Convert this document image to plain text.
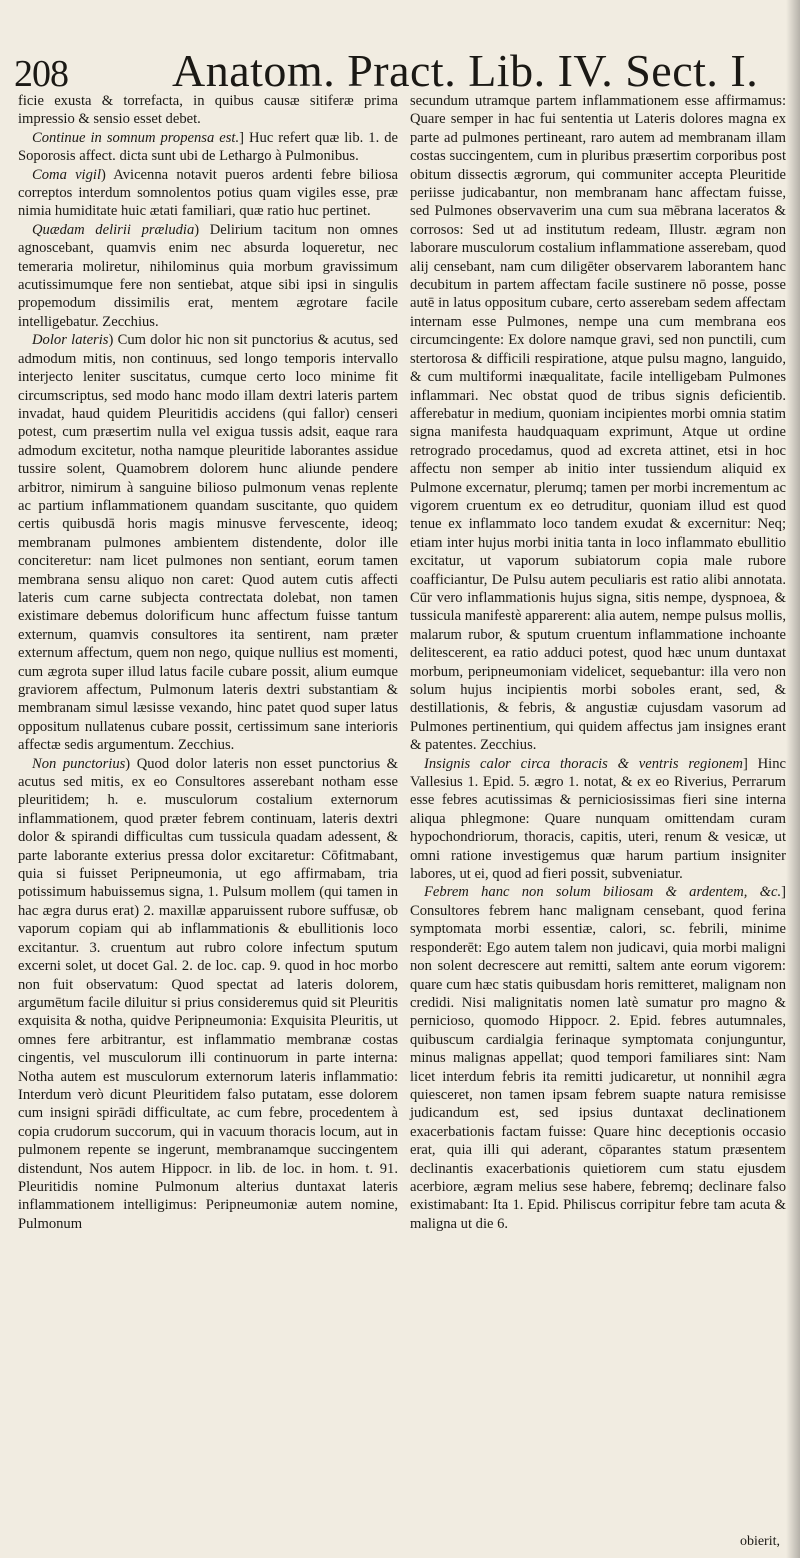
208 Anatom. Pract. Lib. IV. Sect. I.

ficie exusta & torrefacta, in quibus causæ sitiferæ prima impressio & sensio esset debet.

Continue in somnum propensa est.] Huc refert quæ lib. 1. de Soporosis affect. dicta sunt ubi de Lethargo à Pulmonibus.

Coma vigil) Avicenna notavit pueros ardenti febre biliosa correptos interdum somnolentos potius quam vigiles esse, præ nimia humiditate huic ætati familiari, quæ ratio huc pertinet.

Quædam delirii præludia) Delirium tacitum non omnes agnoscebant, quamvis enim nec absurda loqueretur, nec temeraria moliretur, nihilominus quia morbum gravissimum acutissimumque fere non sentiebat, atque sibi ipsi in singulis propemodum dissimilis erat, mentem ægrotare facile intelligebatur. Zecchius.

Dolor lateris) Cum dolor hic non sit punctorius & acutus, sed admodum mitis, non continuus, sed longo temporis intervallo interjecto leniter suscitatus, cumque certo loco minime fit circumscriptus, sed modo hanc modo illam dextri lateris partem invadat, haud quidem Pleuritidis accidens (qui fallor) censeri potest, cum præsertim nulla vel exigua tussis adsit, eaque rara admodum excitetur, notha namque pleuritide laborantes assidue tussire solent, Quamobrem dolorem hunc aliunde pendere arbitror, nimirum à sanguine bilioso pulmonum venas replente ac partium inflammationem quandam suscitante, quo quidem certis quibusdā horis magis minusve fervescente, ideoq; membranam pulmones ambientem distendente, dolor ille conciteretur: nam licet pulmones non sentiant, eorum tamen membrana sensu aliquo non caret: Quod autem cutis affecti lateris cum carne subjecta contrectata dolebat, non tamen existimare debemus dolorificum hunc affectum fuisse tantum externum, quamvis consultores ita sentirent, nam præter externum affectum, quem non nego, quique nullius est momenti, cum ægrota super illud latus facile cubare possit, alium eumque graviorem affectum, Pulmonum lateris dextri substantiam & membranam simul læsisse vexando, hinc patet quod super latus oppositum nullatenus cubare possit, certissimum sane interioris affectæ sedis argumentum. Zecchius.

Non punctorius) Quod dolor lateris non esset punctorius & acutus sed mitis, ex eo Consultores asserebant notham esse pleuritidem; h. e. musculorum costalium externorum inflammationem, quod præter febrem continuam, lateris dextri dolor & spirandi difficultas cum tussicula quadam adessent, & parte laborante exterius pressa dolor excitaretur: Cōfitmabant, quia si fuisset Peripneumonia, ut ego affirmabam, tria potissimum habuissemus signa, 1. Pulsum mollem (qui tamen in hac ægra durus erat) 2. maxillæ apparuissent rubore suffusæ, ob vaporum copiam qui ab inflammationis & ebullitionis loco excitantur. 3. cruentum aut rubro colore infectum sputum excerni solet, ut docet Gal. 2. de loc. cap. 9. quod in hoc morbo non fuit observatum: Quod spectat ad lateris dolorem, argumētum facile diluitur si prius consideremus quid sit Pleuritis exquisita & notha, quidve Peripneumonia: Exquisita Pleuritis, ut omnes fere arbitrantur, est inflammatio membranæ costas cingentis, vel musculorum illi continuorum in parte interna: Notha autem est musculorum externorum lateris inflammatio: Interdum verò dicunt Pleuritidem falso putatam, esse dolorem cum insigni spirādi difficultate, ac cum febre, procedentem à copia crudorum succorum, qui in vacuum thoracis locum, aut in pulmonem repente se ingerunt, membranamque succingentem distendunt, Nos autem Hippocr. in lib. de loc. in hom. t. 91. Pleuritidis nomine Pulmonum alterius duntaxat lateris inflammationem intelligimus: Peripneumoniæ autem nomine, Pulmonum

secundum utramque partem inflammationem esse affirmamus: Quare semper in hac fui sententia ut Lateris dolores magna ex parte ad pulmones pertineant, raro autem ad membranam illam costas succingentem, cum in pluribus præsertim corporibus post obitum dissectis ægrorum, qui communiter accepta Pleuritide periisse judicabantur, non membranam hanc affectam fuisse, sed Pulmones observaverim una cum sua mēbrana laceratos & corrosos: Sed ut ad institutum redeam, Illustr. ægram non laborare musculorum costalium inflammatione asserebam, quod alij censebant, nam cum diligēter observarem laborantem hanc decubitum in partem affectam facile sustinere nō posse, posse autē in latus oppositum cubare, certo asserebam sedem affectam internam esse Pulmones, nempe una cum membrana eos circumcingente: Ex dolore namque gravi, sed non punctili, cum stertorosa & difficili respiratione, atque pulsu magno, languido, & cum multiformi inæqualitate, facile intelligebam Pulmones inflammari. Nec obstat quod de tribus signis deficientib. afferebatur in medium, quoniam incipientes morbi omnia statim signa manifesta haudquaquam exprimunt, Atque ut ordine retrogrado procedamus, quod ad excreta attinet, etsi in hoc affectu non semper ab initio inter tussiendum aliquid ex Pulmone excernatur, plerumq; tamen per morbi incrementum ac vigorem cruentum ex eo detruditur, quoniam illud est quod tenue ex inflammato loco tandem exudat & excernitur: Neq; etiam inter hujus morbi initia tanta in loco inflammato ebullitio excitatur, ut vaporum subiatorum copia male rubore coafficiantur, De Pulsu autem peculiaris est ratio alibi annotata. Cūr vero inflammationis hujus signa, sitis nempe, dyspnoea, & tussicula manifestè apparerent: alia autem, nempe pulsus mollis, malarum rubor, & sputum cruentum inflammatione inchoante delitescerent, ea ratio adduci potest, quod hæc unum duntaxat morbum, peripneumoniam videlicet, sequebantur: illa vero non solum hujus incipientis morbi soboles erant, sed, & destillationis, & febris, & angustiæ cujusdam vasorum ad Pulmones pertinentium, qui quidem affectus jam insignes erant & patentes. Zecchius.

Insignis calor circa thoracis & ventris regionem] Hinc Vallesius 1. Epid. 5. ægro 1. notat, & ex eo Riverius, Perrarum esse febres acutissimas & perniciosissimas fieri sine interna aliqua phlegmone: Quare nunquam omittendam curam hypochondriorum, thoracis, capitis, uteri, renum & vesicæ, ut omni ratione investigemus quæ harum partium insigniter labores, ut ei, quod ad fieri possit, subveniatur.

Febrem hanc non solum biliosam & ardentem, &c.] Consultores febrem hanc malignam censebant, quod ferina symptomata morbi essentiæ, calori, sc. febrili, minime responderēt: Ego autem talem non judicavi, quia morbi maligni non solent decrescere aut remitti, saltem ante eorum vigorem: quare cum hæc statis quibusdam horis remitteret, malignam non credidi. Nisi malignitatis nomen latè sumatur pro magno & pernicioso, quomodo Hippocr. 2. Epid. febres autumnales, quibuscum cardialgia ferinaque symptomata conjunguntur, minus malignas appellat; quod tempori familiares sint: Nam licet interdum febris ita remitti judicaretur, ut nonnihil ægra quiesceret, non tamen ipsam febrem suapte natura remisisse judicandum est, sed ipsius duntaxat declinationem exacerbationis factam fuisse: Quare hinc deceptionis occasio erat, quia illi qui aderant, cōparantes statum præsentem declinantis exacerbationis quietiorem cum statu ejusdem acerbiore, ægram melius sese habere, febremq; declinare falso existimabant: Ita 1. Epid. Philiscus corripitur febre tam acuta & maligna ut die 6.

obierit,
